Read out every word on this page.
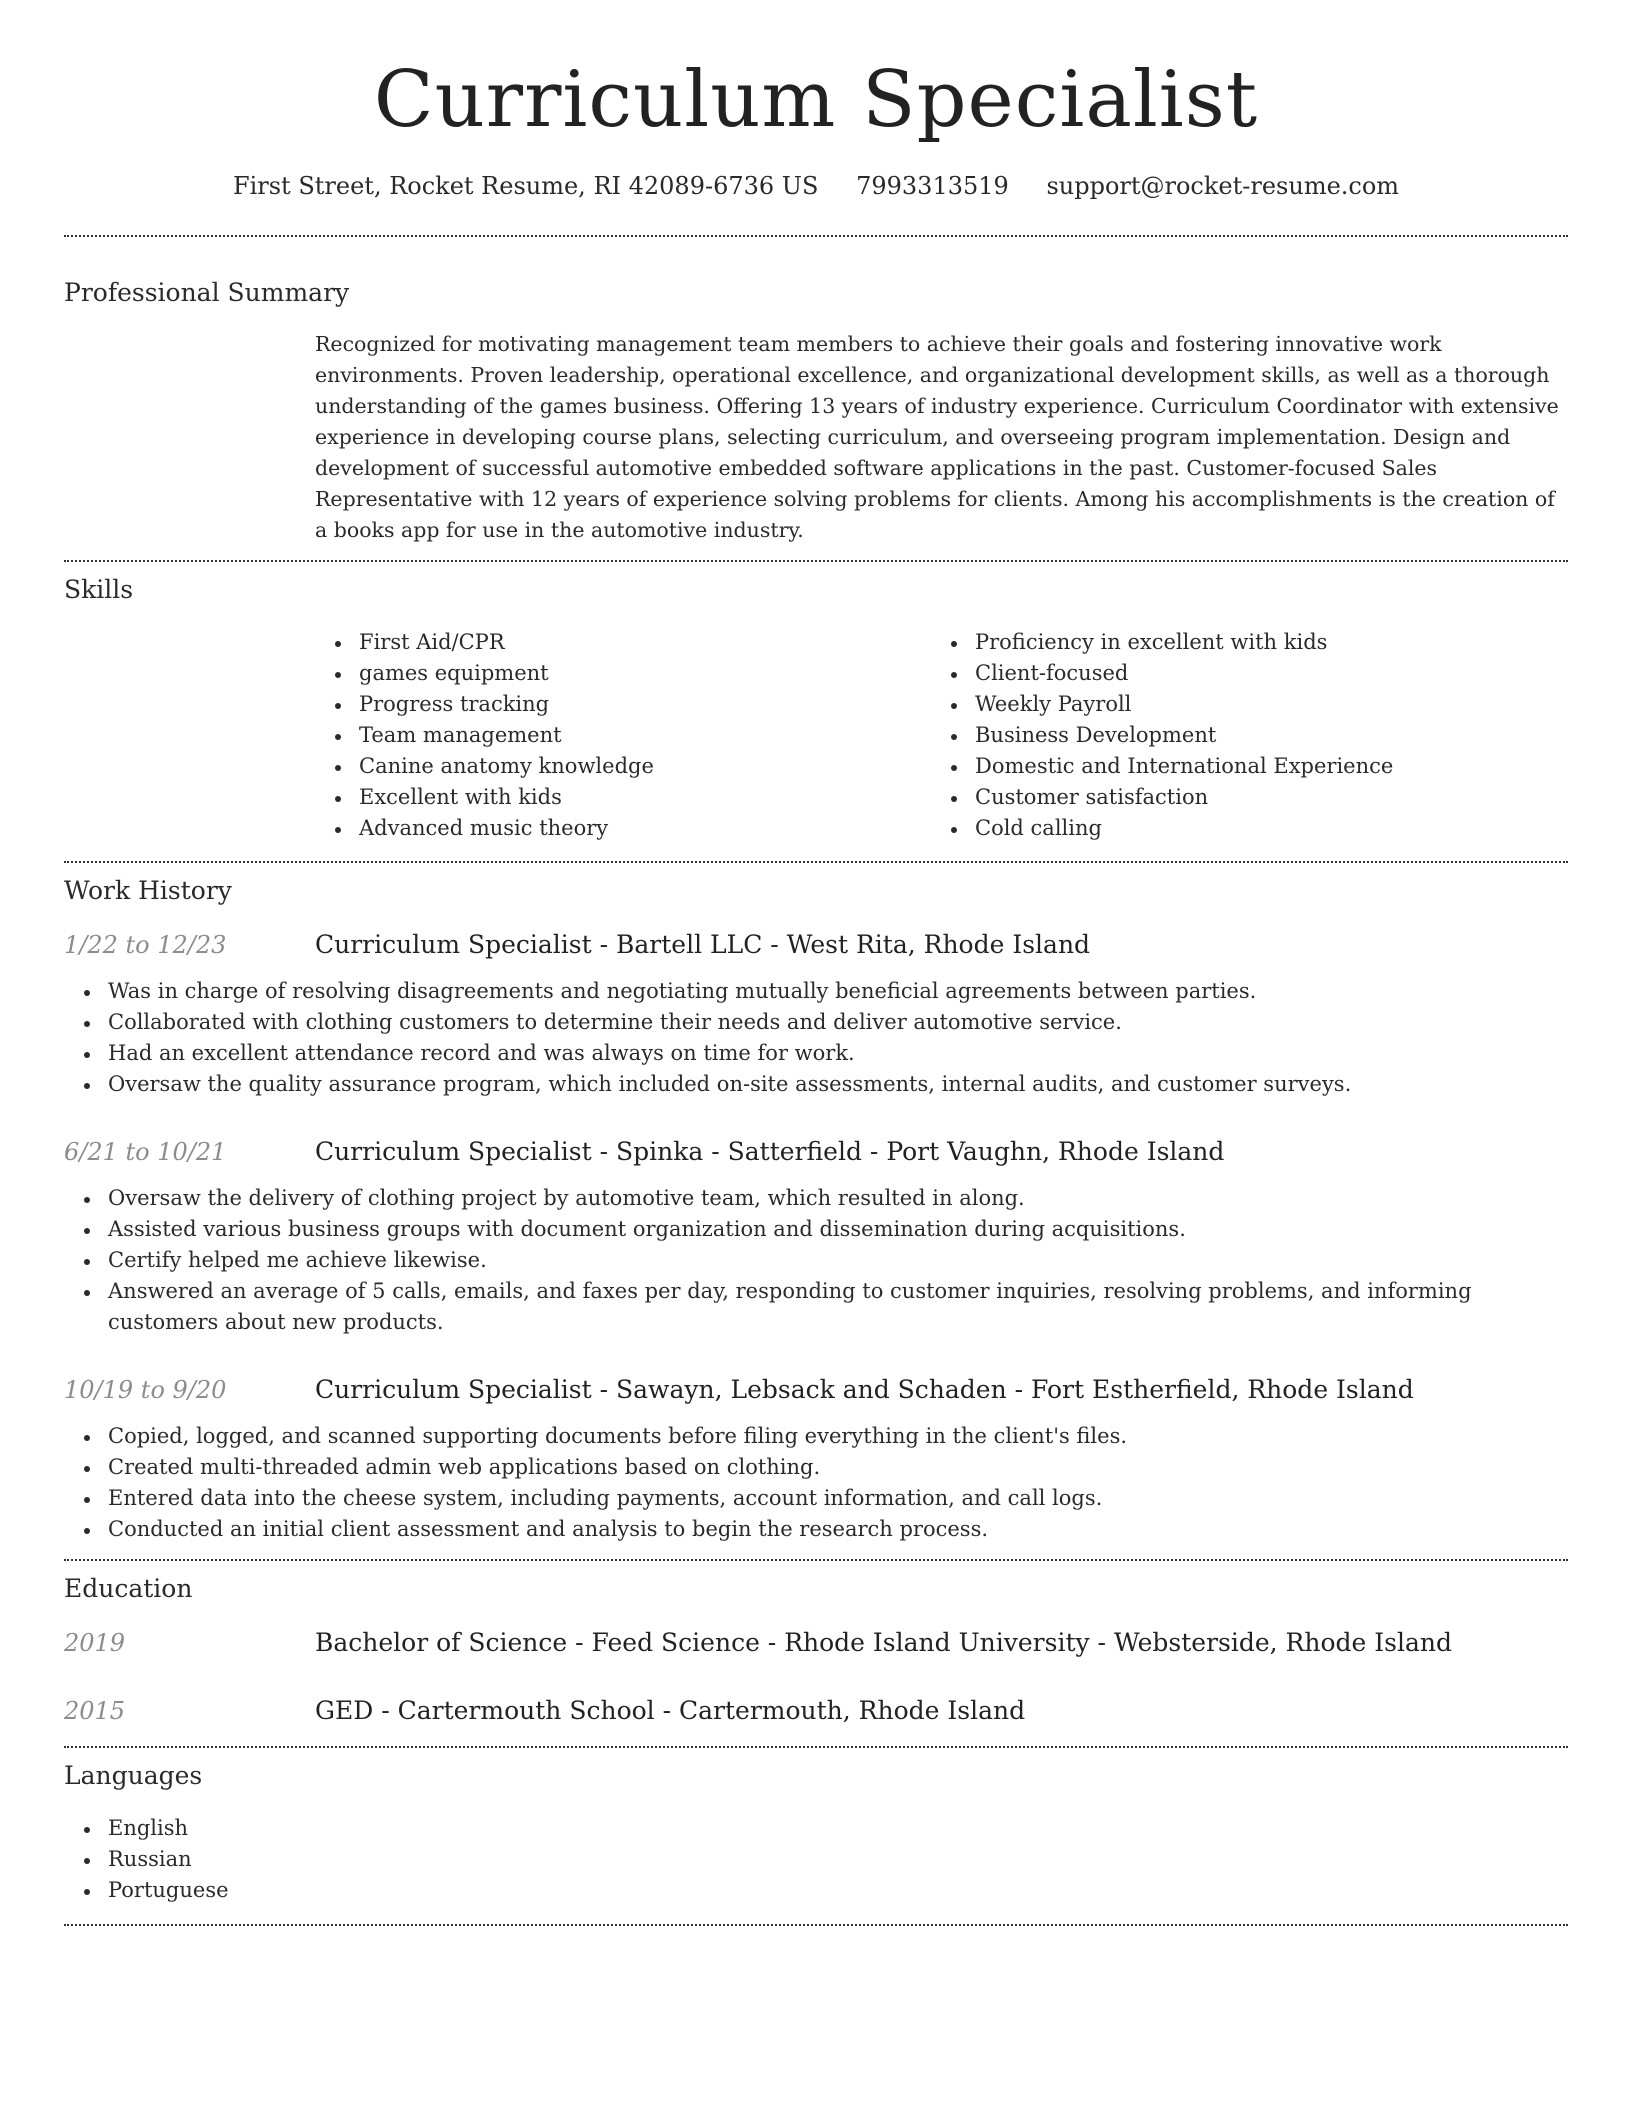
Curriculum Specialist
First Street, Rocket Resume, RI 42089-6736 US 7993313519 support@rocket-resume.com
Professional Summary

Recognized for motivating management team members to achieve their goals and fostering innovative work environments. Proven leadership, operational excellence, and organizational development skills, as well as a thorough understanding of the games business. Offering 13 years of industry experience. Curriculum Coordinator with extensive experience in developing course plans, selecting curriculum, and overseeing program implementation. Design and development of successful automotive embedded software applications in the past. Customer-focused Sales Representative with 12 years of experience solving problems for clients. Among his accomplishments is the creation of a books app for use in the automotive industry.

Skills
First Aid/CPR
games equipment
Progress tracking
Team management
Canine anatomy knowledge
Excellent with kids
Advanced music theory
Proficiency in excellent with kids
Client-focused
Weekly Payroll
Business Development
Domestic and International Experience
Customer satisfaction
Cold calling
Work History
1/22 to 12/23	Curriculum Specialist - Bartell LLC - West Rita, Rhode Island
Was in charge of resolving disagreements and negotiating mutually beneficial agreements between parties.
Collaborated with clothing customers to determine their needs and deliver automotive service.
Had an excellent attendance record and was always on time for work.
Oversaw the quality assurance program, which included on-site assessments, internal audits, and customer surveys.
6/21 to 10/21	Curriculum Specialist - Spinka - Satterfield - Port Vaughn, Rhode Island
Oversaw the delivery of clothing project by automotive team, which resulted in along.
Assisted various business groups with document organization and dissemination during acquisitions.
Certify helped me achieve likewise.
Answered an average of 5 calls, emails, and faxes per day, responding to customer inquiries, resolving problems, and informing customers about new products.
10/19 to 9/20	Curriculum Specialist - Sawayn, Lebsack and Schaden - Fort Estherfield, Rhode Island
Copied, logged, and scanned supporting documents before filing everything in the client's files.
Created multi-threaded admin web applications based on clothing.
Entered data into the cheese system, including payments, account information, and call logs.
Conducted an initial client assessment and analysis to begin the research process.
Education
2019	Bachelor of Science - Feed Science - Rhode Island University - Websterside, Rhode Island
2015	GED - Cartermouth School - Cartermouth, Rhode Island
Languages
English
Russian
Portuguese
